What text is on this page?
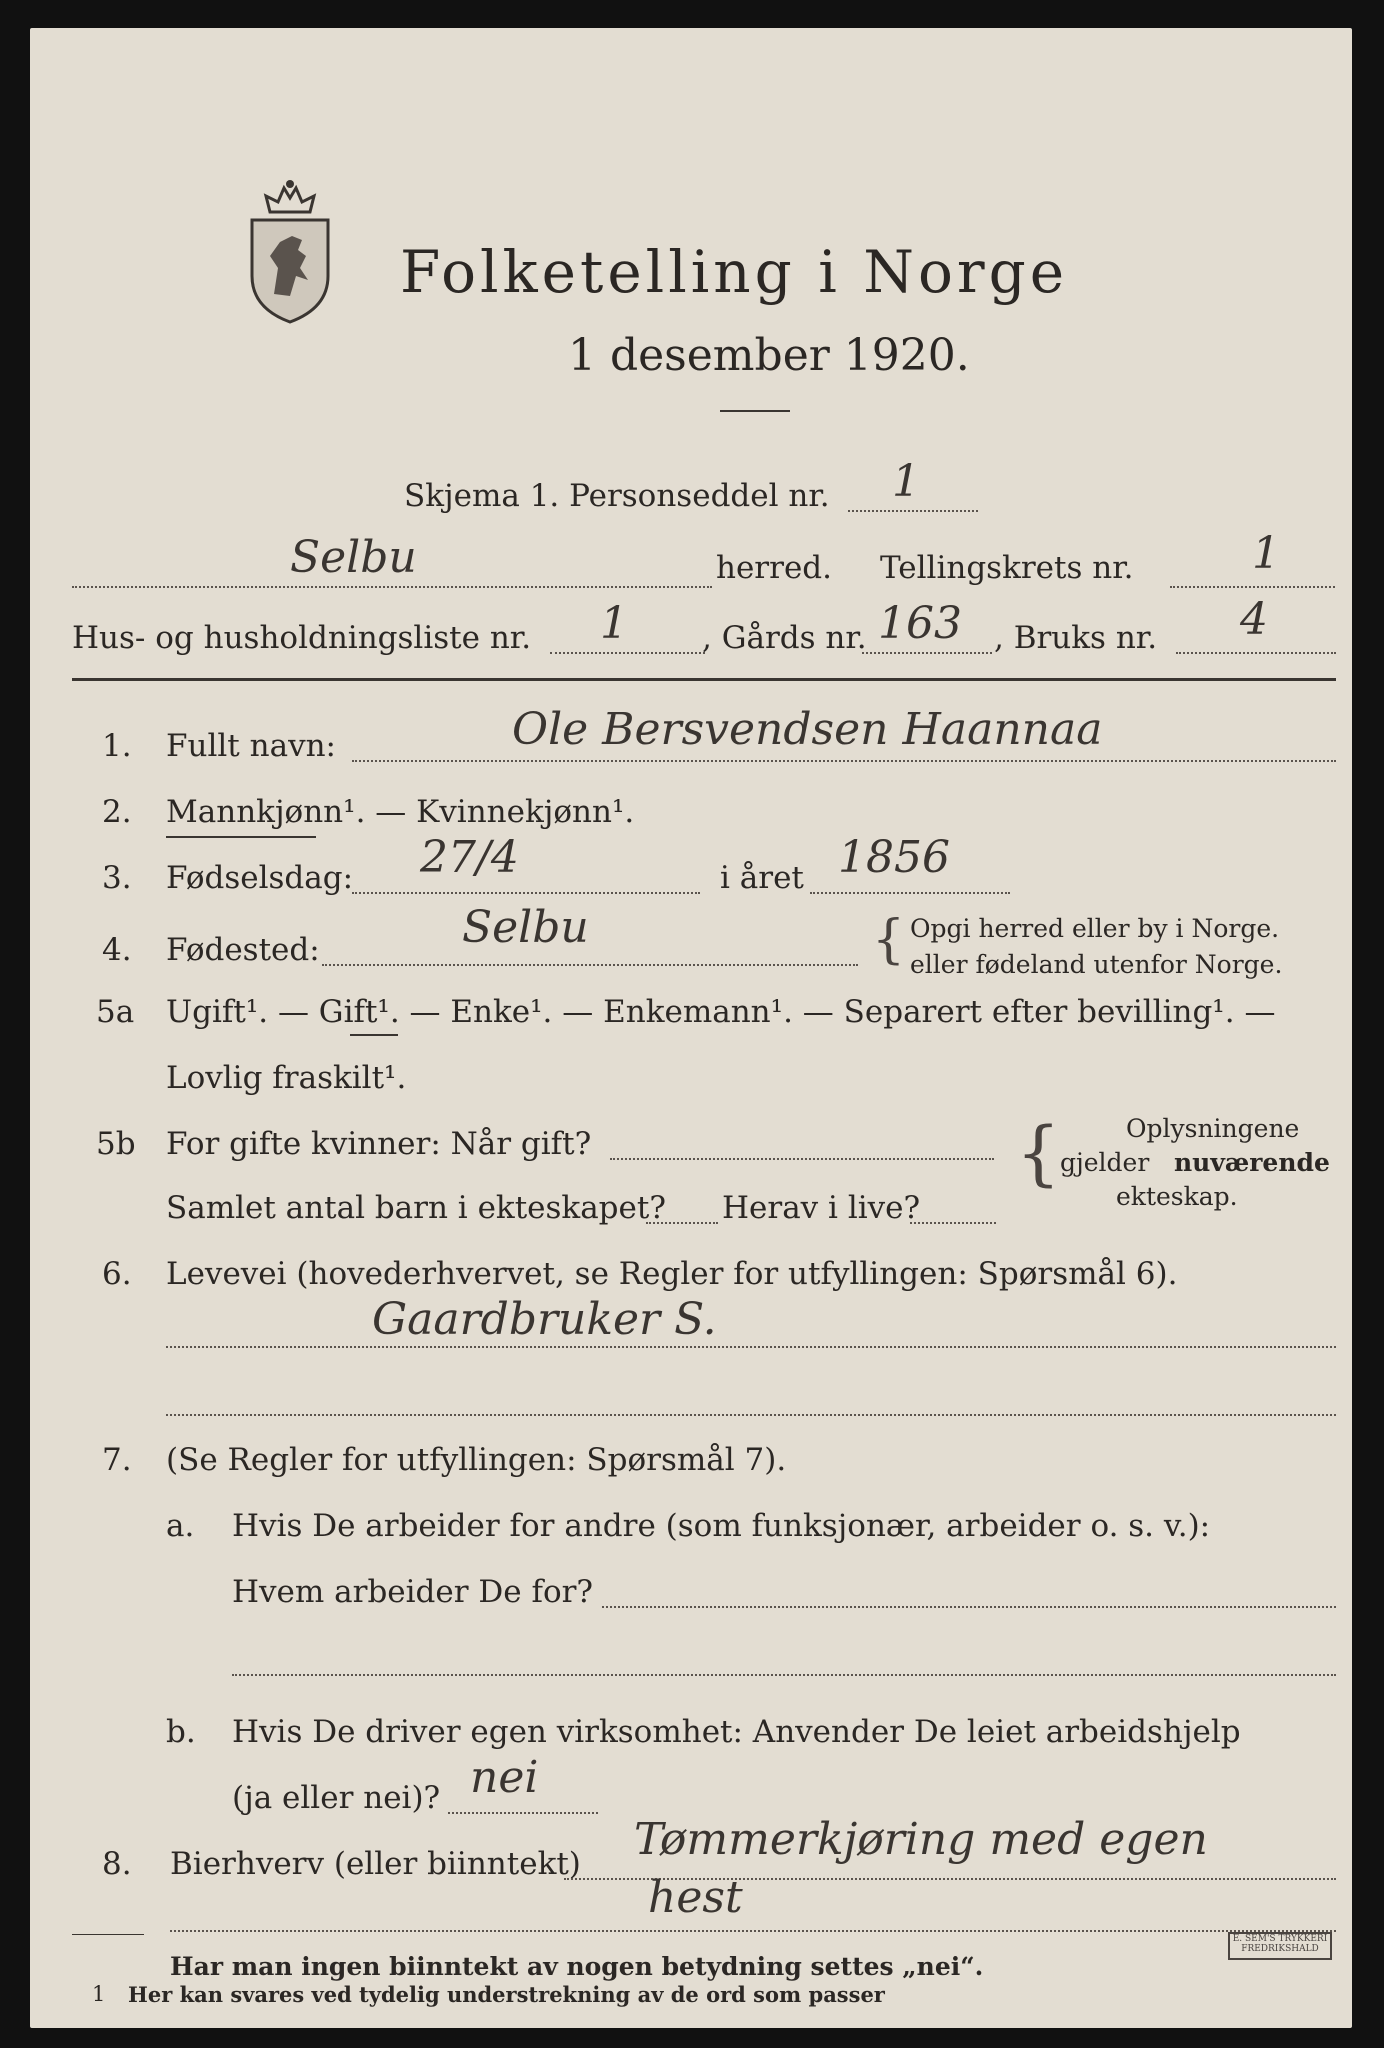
Folketelling i Norge
1 desember 1920.
Skjema 1. Personseddel nr. 1
Selbu	herred. Tellingskrets nr.	1
Hus- og husholdningsliste nr. 1 , Gårds nr. 163 , Bruks nr. 4
1. Fullt navn:	Ole Bersvendsen Haannaa
2. Mannkjønn¹. — Kvinnekjønn¹.
3. Fødselsdag: 27/4	i året 1856
4. Fødested:	Selbu	{ Opgi herred eller by i Norge.
eller fødeland utenfor Norge.
5a Ugift¹. — Gift¹. — Enke¹. — Enkemann¹. — Separert efter bevilling¹. —
Lovlig fraskilt¹.
5b For gifte kvinner: Når gift?
Samlet antal barn i ekteskapet? Herav i live?
{	Oplysningene
gjelder nuværende
ekteskap.
6. Levevei (hovederhvervet, se Regler for utfyllingen: Spørsmål 6).
Gaardbruker S.
7. (Se Regler for utfyllingen: Spørsmål 7).
a. Hvis De arbeider for andre (som funksjonær, arbeider o. s. v.):
Hvem arbeider De for?
b. Hvis De driver egen virksomhet: Anvender De leiet arbeidshjelp
(ja eller nei)? nei
8. Bierhverv (eller biinntekt) Tømmerkjøring med egen
hest
Har man ingen biinntekt av nogen betydning settes „nei“.
1 Her kan svares ved tydelig understrekning av de ord som passer
E. SEM'S TRYKKERI FREDRIKSHALD
